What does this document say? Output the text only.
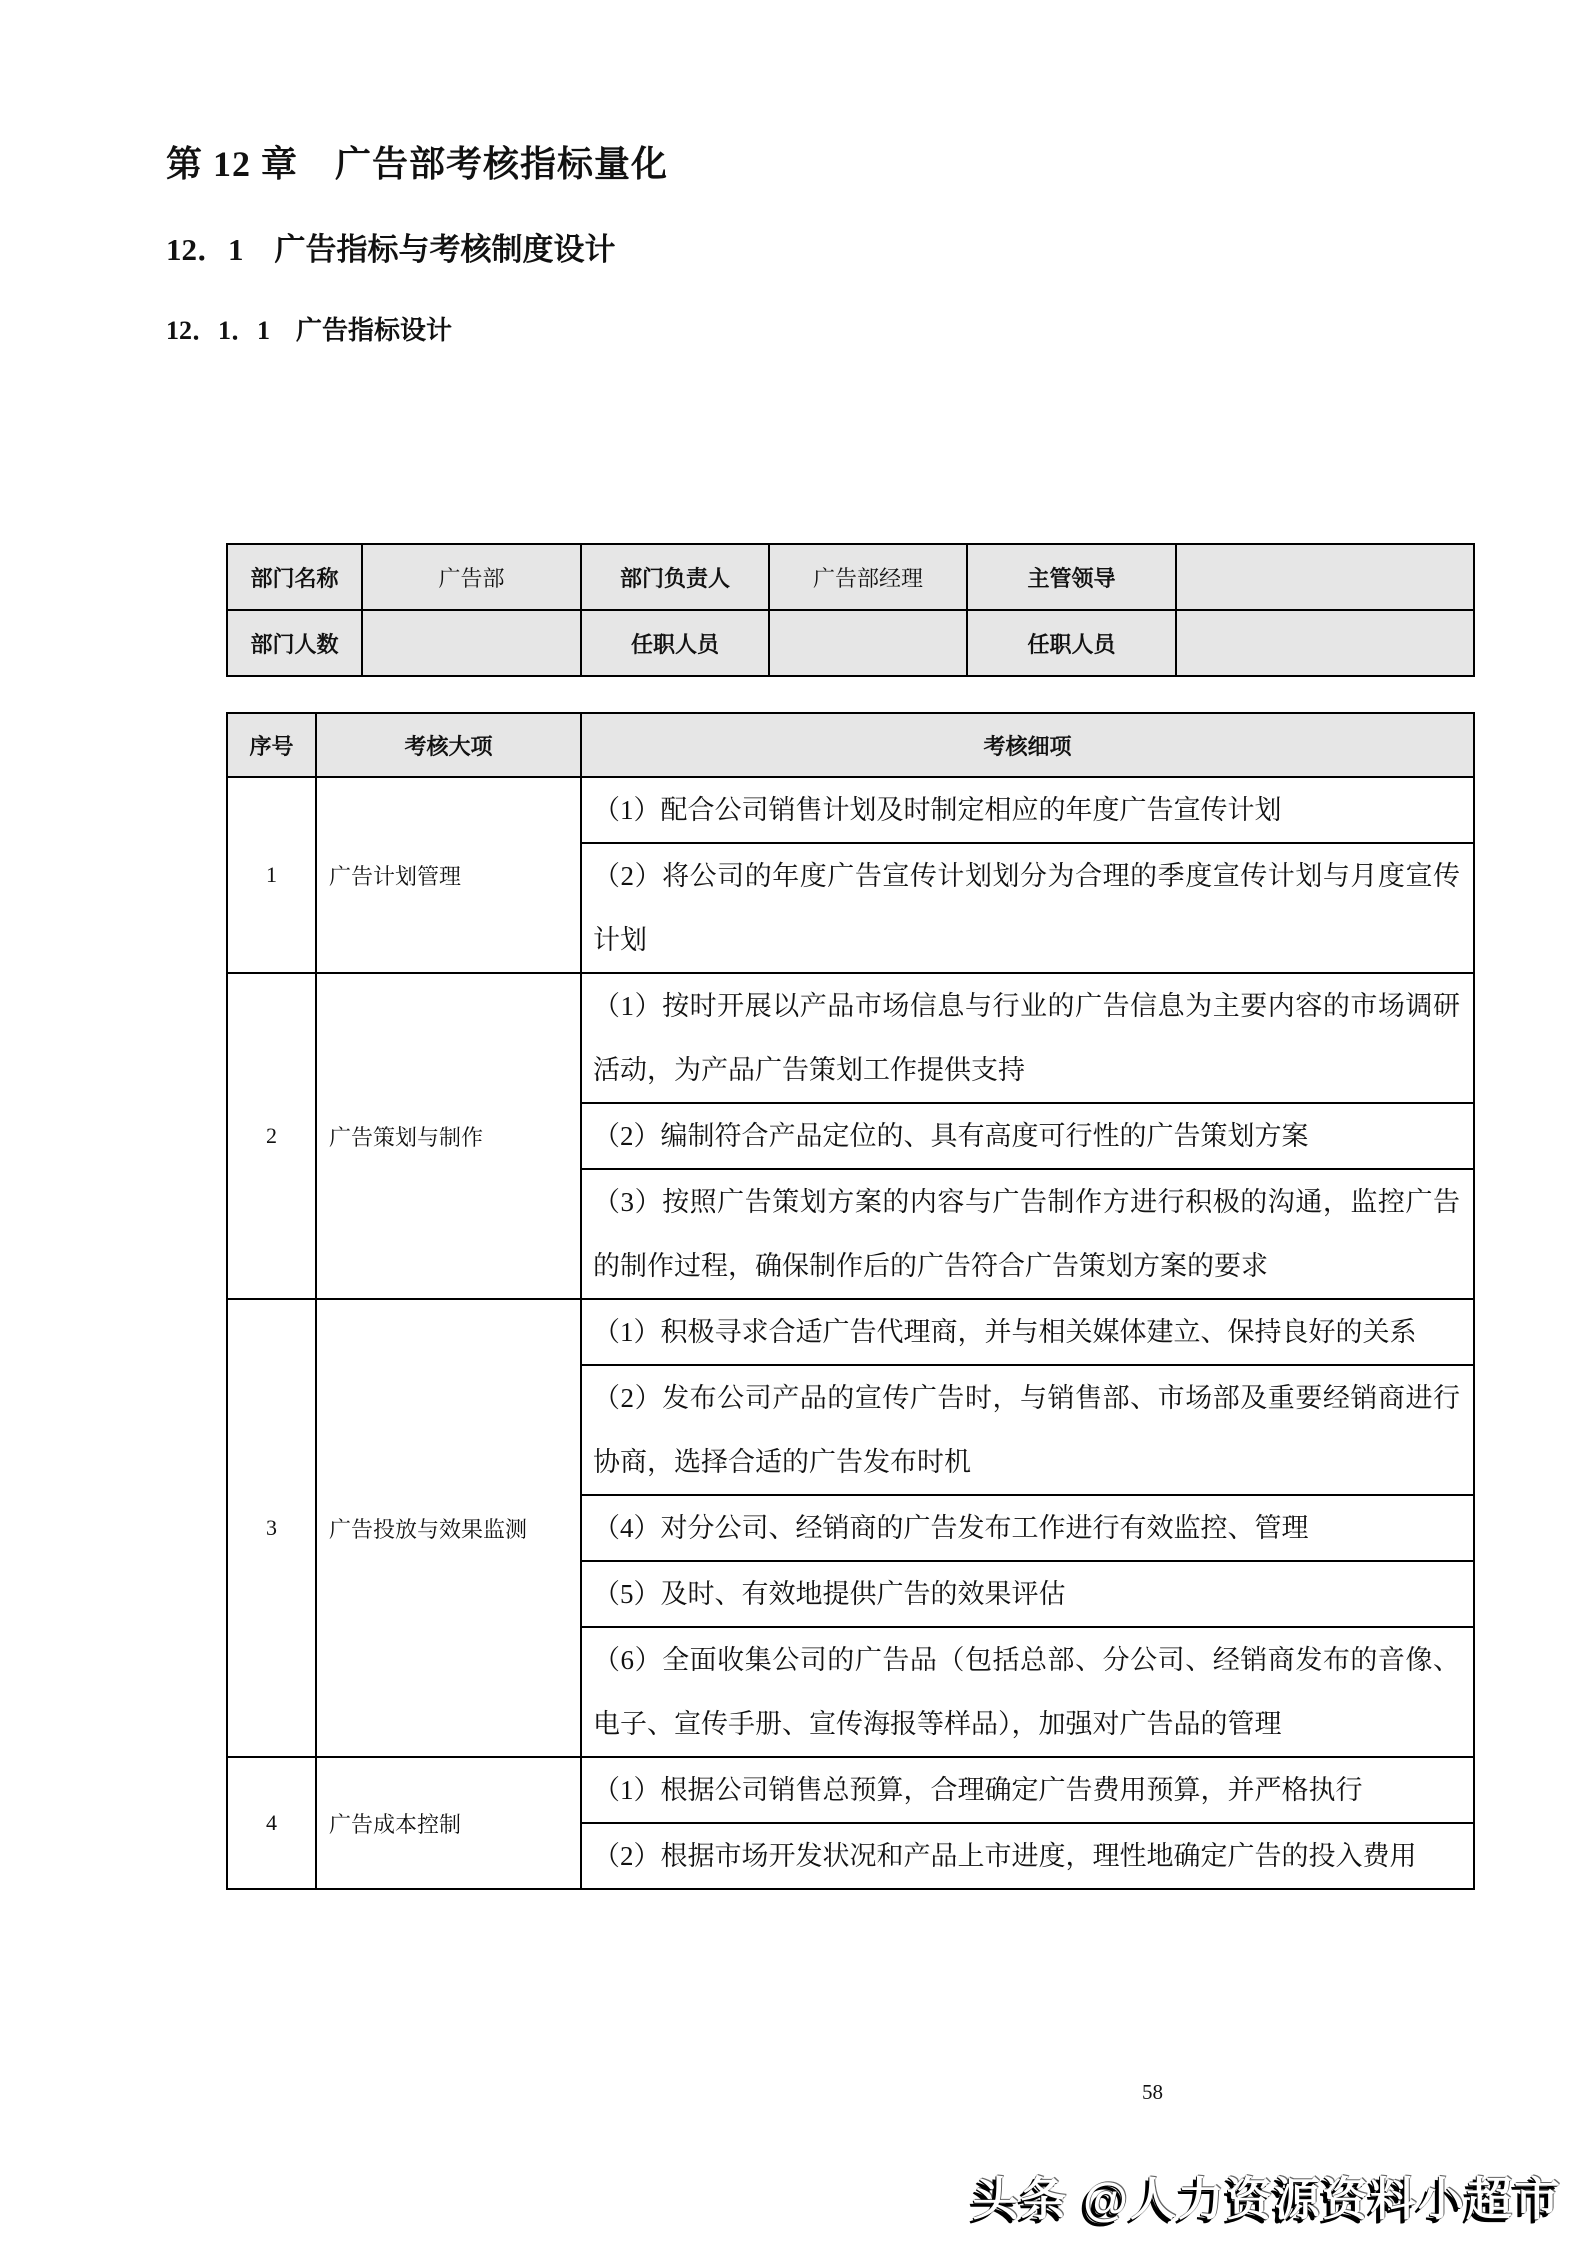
第 12 章　广告部考核指标量化
12．1　广告指标与考核制度设计
12．1．1　广告指标设计
部门名称	广告部	部门负责人	广告部经理	主管领导	
部门人数		任职人员		任职人员	
序号	考核大项	考核细项
1	广告计划管理	（1）配合公司销售计划及时制定相应的年度广告宣传计划
		（2）将公司的年度广告宣传计划划分为合理的季度宣传计划与月度宣传计划
2	广告策划与制作	（1）按时开展以产品市场信息与行业的广告信息为主要内容的市场调研活动，为产品广告策划工作提供支持
		（2）编制符合产品定位的、具有高度可行性的广告策划方案
		（3）按照广告策划方案的内容与广告制作方进行积极的沟通，监控广告的制作过程，确保制作后的广告符合广告策划方案的要求
3	广告投放与效果监测	（1）积极寻求合适广告代理商，并与相关媒体建立、保持良好的关系
		（2）发布公司产品的宣传广告时，与销售部、市场部及重要经销商进行协商，选择合适的广告发布时机
		（4）对分公司、经销商的广告发布工作进行有效监控、管理
		（5）及时、有效地提供广告的效果评估
		（6）全面收集公司的广告品（包括总部、分公司、经销商发布的音像、电子、宣传手册、宣传海报等样品），加强对广告品的管理
4	广告成本控制	（1）根据公司销售总预算，合理确定广告费用预算，并严格执行
		（2）根据市场开发状况和产品上市进度，理性地确定广告的投入费用
58
头条 @人力资源资料小超市
